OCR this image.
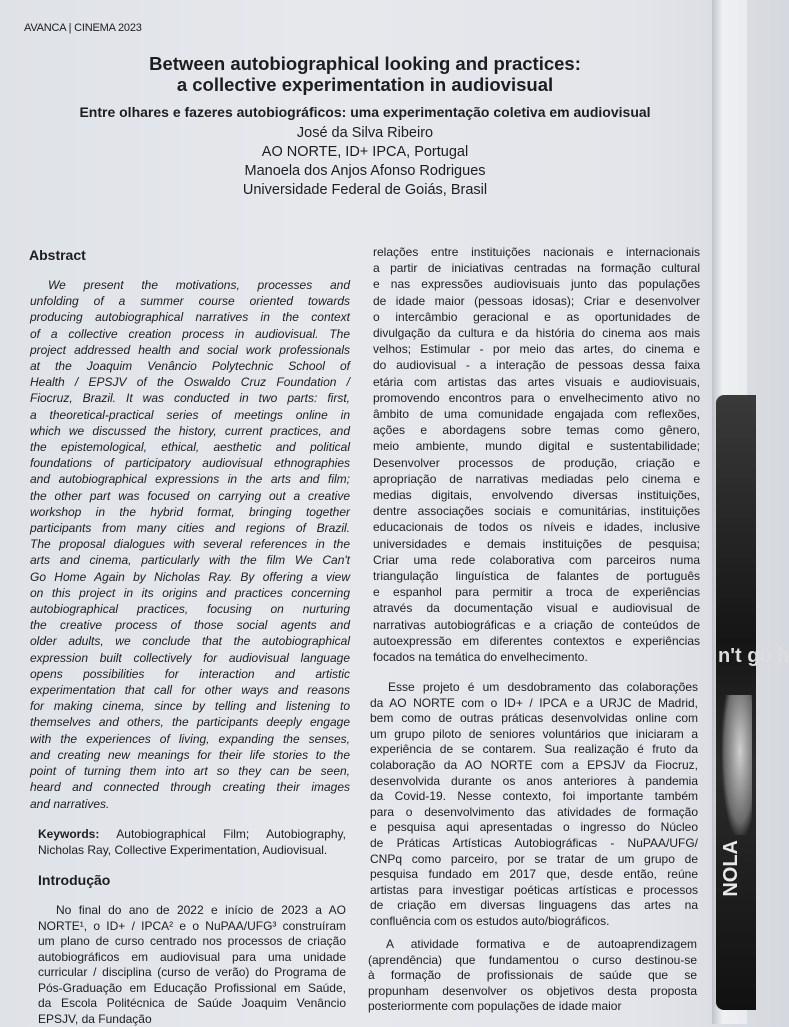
AVANCA | CINEMA 2023
Between autobiographical looking and practices:
a collective experimentation in audiovisual
Entre olhares e fazeres autobiográficos: uma experimentação coletiva em audiovisual
José da Silva Ribeiro
AO NORTE, ID+ IPCA, Portugal
Manoela dos Anjos Afonso Rodrigues
Universidade Federal de Goiás, Brasil
Abstract
We present the motivations, processes and
unfolding of a summer course oriented towards
producing autobiographical narratives in the context
of a collective creation process in audiovisual. The
project addressed health and social work professionals
at the Joaquim Venâncio Polytechnic School of
Health / EPSJV of the Oswaldo Cruz Foundation /
Fiocruz, Brazil. It was conducted in two parts: first,
a theoretical-practical series of meetings online in
which we discussed the history, current practices, and
the epistemological, ethical, aesthetic and political
foundations of participatory audiovisual ethnographies
and autobiographical expressions in the arts and film;
the other part was focused on carrying out a creative
workshop in the hybrid format, bringing together
participants from many cities and regions of Brazil.
The proposal dialogues with several references in the
arts and cinema, particularly with the film We Can't
Go Home Again by Nicholas Ray. By offering a view
on this project in its origins and practices concerning
autobiographical practices, focusing on nurturing
the creative process of those social agents and
older adults, we conclude that the autobiographical
expression built collectively for audiovisual language
opens possibilities for interaction and artistic
experimentation that call for other ways and reasons
for making cinema, since by telling and listening to
themselves and others, the participants deeply engage
with the experiences of living, expanding the senses,
and creating new meanings for their life stories to the
point of turning them into art so they can be seen,
heard and connected through creating their images
and narratives.
Keywords: Autobiographical Film; Autobiography,
Nicholas Ray, Collective Experimentation, Audiovisual.
Introdução
No final do ano de 2022 e início de 2023 a AO
NORTE¹, o ID+ / IPCA² e o NuPAA/UFG³ construíram
um plano de curso centrado nos processos de criação
autobiográficos em audiovisual para uma unidade
curricular / disciplina (curso de verão) do Programa de
Pós-Graduação em Educação Profissional em Saúde,
da Escola Politécnica de Saúde Joaquim Venâncio
EPSJV, da Fundação
relações entre instituições nacionais e internacionais
a partir de iniciativas centradas na formação cultural
e nas expressões audiovisuais junto das populações
de idade maior (pessoas idosas); Criar e desenvolver
o intercâmbio geracional e as oportunidades de
divulgação da cultura e da história do cinema aos mais
velhos; Estimular - por meio das artes, do cinema e
do audiovisual - a interação de pessoas dessa faixa
etária com artistas das artes visuais e audiovisuais,
promovendo encontros para o envelhecimento ativo no
âmbito de uma comunidade engajada com reflexões,
ações e abordagens sobre temas como gênero,
meio ambiente, mundo digital e sustentabilidade;
Desenvolver processos de produção, criação e
apropriação de narrativas mediadas pelo cinema e
medias digitais, envolvendo diversas instituições,
dentre associações sociais e comunitárias, instituições
educacionais de todos os níveis e idades, inclusive
universidades e demais instituições de pesquisa;
Criar uma rede colaborativa com parceiros numa
triangulação linguística de falantes de português
e espanhol para permitir a troca de experiências
através da documentação visual e audiovisual de
narrativas autobiográficas e a criação de conteúdos de
autoexpressão em diferentes contextos e experiências
focados na temática do envelhecimento.
Esse projeto é um desdobramento das colaborações
da AO NORTE com o ID+ / IPCA e a URJC de Madrid,
bem como de outras práticas desenvolvidas online com
um grupo piloto de seniores voluntários que iniciaram a
experiência de se contarem. Sua realização é fruto da
colaboração da AO NORTE com a EPSJV da Fiocruz,
desenvolvida durante os anos anteriores à pandemia
da Covid-19. Nesse contexto, foi importante também
para o desenvolvimento das atividades de formação
e pesquisa aqui apresentadas o ingresso do Núcleo
de Práticas Artísticas Autobiográficas - NuPAA/UFG/
CNPq como parceiro, por se tratar de um grupo de
pesquisa fundado em 2017 que, desde então, reúne
artistas para investigar poéticas artísticas e processos
de criação em diversas linguagens das artes na
confluência com os estudos auto/biográficos.
A atividade formativa e de autoaprendizagem
(aprendência) que fundamentou o curso destinou-se
à formação de profissionais de saúde que se
propunham desenvolver os objetivos desta proposta
posteriormente com populações de idade maior
n't go h
NOLA
